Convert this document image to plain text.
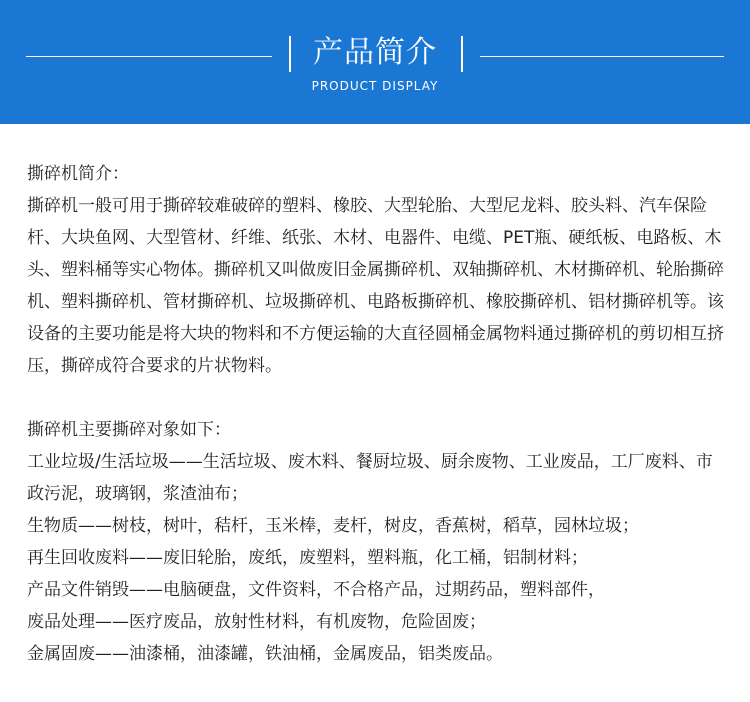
产品简介
PRODUCT DISPLAY

撕碎机简介：

撕碎机一般可用于撕碎较难破碎的塑料、橡胶、大型轮胎、大型尼龙料、胶头料、汽车保险杆、大块鱼网、大型管材、纤维、纸张、木材、电器件、电缆、PET瓶、硬纸板、电路板、木头、塑料桶等实心物体。撕碎机又叫做废旧金属撕碎机、双轴撕碎机、木材撕碎机、轮胎撕碎机、塑料撕碎机、管材撕碎机、垃圾撕碎机、电路板撕碎机、橡胶撕碎机、铝材撕碎机等。该设备的主要功能是将大块的物料和不方便运输的大直径圆桶金属物料通过撕碎机的剪切相互挤压，撕碎成符合要求的片状物料。

撕碎机主要撕碎对象如下：

工业垃圾/生活垃圾——生活垃圾、废木料、餐厨垃圾、厨余废物、工业废品，工厂废料、市政污泥，玻璃钢，浆渣油布；

生物质——树枝，树叶，秸杆，玉米棒，麦杆，树皮，香蕉树，稻草，园林垃圾；

再生回收废料——废旧轮胎，废纸，废塑料，塑料瓶，化工桶，铝制材料；

产品文件销毁——电脑硬盘，文件资料，不合格产品，过期药品，塑料部件，

废品处理——医疗废品，放射性材料，有机废物，危险固废；

金属固废——油漆桶，油漆罐，铁油桶，金属废品，铝类废品。
